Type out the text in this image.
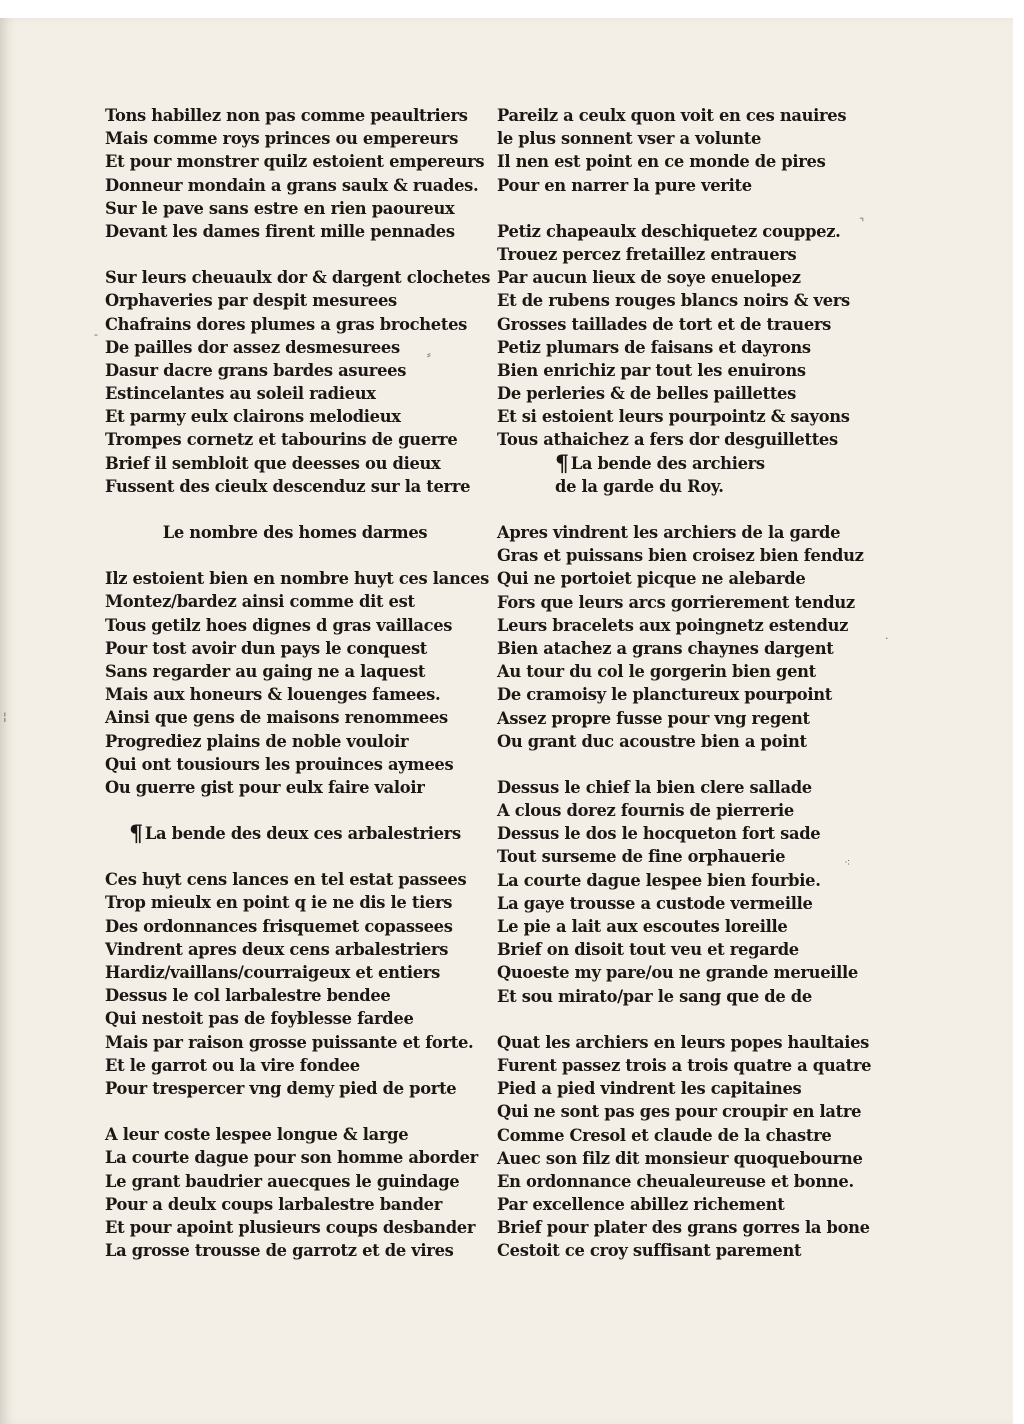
Tons habillez non pas comme peaultriers

Mais comme roys princes ou empereurs

Et pour monstrer quilz estoient empereurs

Donneur mondain a grans saulx & ruades.

Sur le pave sans estre en rien paoureux

Devant les dames firent mille pennades

Sur leurs cheuaulx dor & dargent clochetes

Orphaveries par despit mesurees

Chafrains dores plumes a gras brochetes

De pailles dor assez desmesurees

Dasur dacre grans bardes asurees

Estincelantes au soleil radieux

Et parmy eulx clairons melodieux

Trompes cornetz et tabourins de guerre

Brief il sembloit que deesses ou dieux

Fussent des cieulx descenduz sur la terre

Le nombre des homes darmes

Ilz estoient bien en nombre huyt ces lances

Montez/bardez ainsi comme dit est

Tous getilz hoes dignes d gras vaillaces

Pour tost avoir dun pays le conquest

Sans regarder au gaing ne a laquest

Mais aux honeurs & louenges famees.

Ainsi que gens de maisons renommees

Progrediez plains de noble vouloir

Qui ont tousiours les prouinces aymees

Ou guerre gist pour eulx faire valoir

¶ La bende des deux ces arbalestriers

Ces huyt cens lances en tel estat passees

Trop mieulx en point q ie ne dis le tiers

Des ordonnances frisquemet copassees

Vindrent apres deux cens arbalestriers

Hardiz/vaillans/courraigeux et entiers

Dessus le col larbalestre bendee

Qui nestoit pas de foyblesse fardee

Mais par raison grosse puissante et forte.

Et le garrot ou la vire fondee

Pour trespercer vng demy pied de porte

A leur coste lespee longue & large

La courte dague pour son homme aborder

Le grant baudrier auecques le guindage

Pour a deulx coups larbalestre bander

Et pour apoint plusieurs coups desbander

La grosse trousse de garrotz et de vires

Pareilz a ceulx quon voit en ces nauires

le plus sonnent vser a volunte

Il nen est point en ce monde de pires

Pour en narrer la pure verite

Petiz chapeaulx deschiquetez couppez.

Trouez percez fretaillez entrauers

Par aucun lieux de soye enuelopez

Et de rubens rouges blancs noirs & vers

Grosses taillades de tort et de trauers

Petiz plumars de faisans et dayrons

Bien enrichiz par tout les enuirons

De perleries & de belles paillettes

Et si estoient leurs pourpointz & sayons

Tous athaichez a fers dor desguillettes

¶ La bende des archiers

de la garde du Roy.

Apres vindrent les archiers de la garde

Gras et puissans bien croisez bien fenduz

Qui ne portoiet picque ne alebarde

Fors que leurs arcs gorrierement tenduz

Leurs bracelets aux poingnetz estenduz

Bien atachez a grans chaynes dargent

Au tour du col le gorgerin bien gent

De cramoisy le planctureux pourpoint

Assez propre fusse pour vng regent

Ou grant duc acoustre bien a point

Dessus le chief la bien clere sallade

A clous dorez fournis de pierrerie

Dessus le dos le hocqueton fort sade

Tout surseme de fine orphauerie

La courte dague lespee bien fourbie.

La gaye trousse a custode vermeille

Le pie a lait aux escoutes loreille

Brief on disoit tout veu et regarde

Quoeste my pare/ou ne grande merueille

Et sou mirato/par le sang que de de

Quat les archiers en leurs popes haultaies

Furent passez trois a trois quatre a quatre

Pied a pied vindrent les capitaines

Qui ne sont pas ges pour croupir en latre

Comme Cresol et claude de la chastre

Auec son filz dit monsieur quoquebourne

En ordonnance cheualeureuse et bonne.

Par excellence abillez richement

Brief pour plater des grans gorres la bone

Cestoit ce croy suffisant parement

⌝
-
⸗
·
⁖
¦
